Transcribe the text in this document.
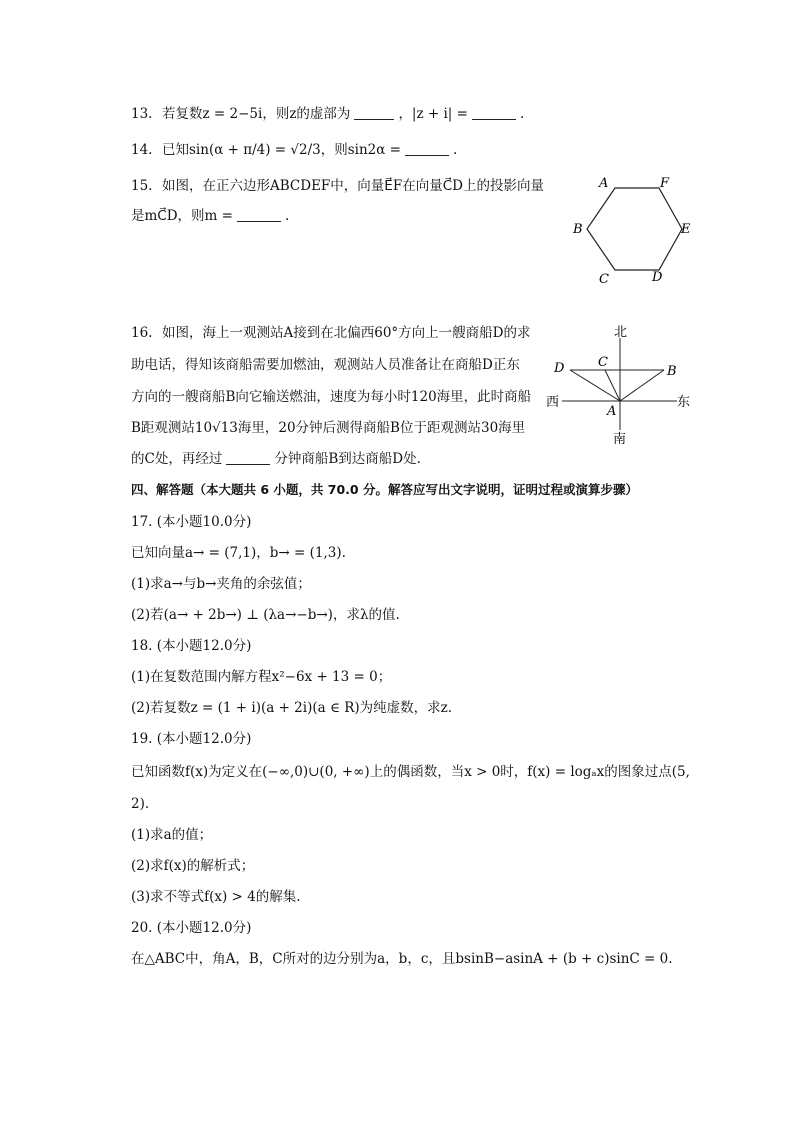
13. 若复数z = 2−5i，则z的虚部为	，|z + i| =	.
14. 已知sin(α + π/4) = √2/3，则sin2α =	.
15. 如图，在正六边形ABCDEF中，向量E⃗F在向量C⃗D上的投影向量
是mC⃗D，则m =	.
A	F
B	E
C	D
16. 如图，海上一观测站A接到在北偏西60°方向上一艘商船D的求
助电话，得知该商船需要加燃油，观测站人员准备让在商船D正东
方向的一艘商船B向它输送燃油，速度为每小时120海里，此时商船
B距观测站10√13海里，20分钟后测得商船B位于距观测站30海里
的C处，再经过	分钟商船B到达商船D处.
北
南
西	东
D	C
B
A
四、解答题（本大题共 6 小题，共 70.0 分。解答应写出文字说明，证明过程或演算步骤）
17. (本小题10.0分)
已知向量a→ = (7,1)，b→ = (1,3).
(1)求a→与b→夹角的余弦值；
(2)若(a→ + 2b→) ⊥ (λa→−b→)，求λ的值.
18. (本小题12.0分)
(1)在复数范围内解方程x²−6x + 13 = 0；
(2)若复数z = (1 + i)(a + 2i)(a ∈ R)为纯虚数，求z.
19. (本小题12.0分)
已知函数f(x)为定义在(−∞,0)∪(0, +∞)上的偶函数，当x > 0时，f(x) = logₐx的图象过点(5,
2).
(1)求a的值；
(2)求f(x)的解析式；
(3)求不等式f(x) > 4的解集.
20. (本小题12.0分)
在△ABC中，角A，B，C所对的边分别为a，b，c，且bsinB−asinA + (b + c)sinC = 0.
